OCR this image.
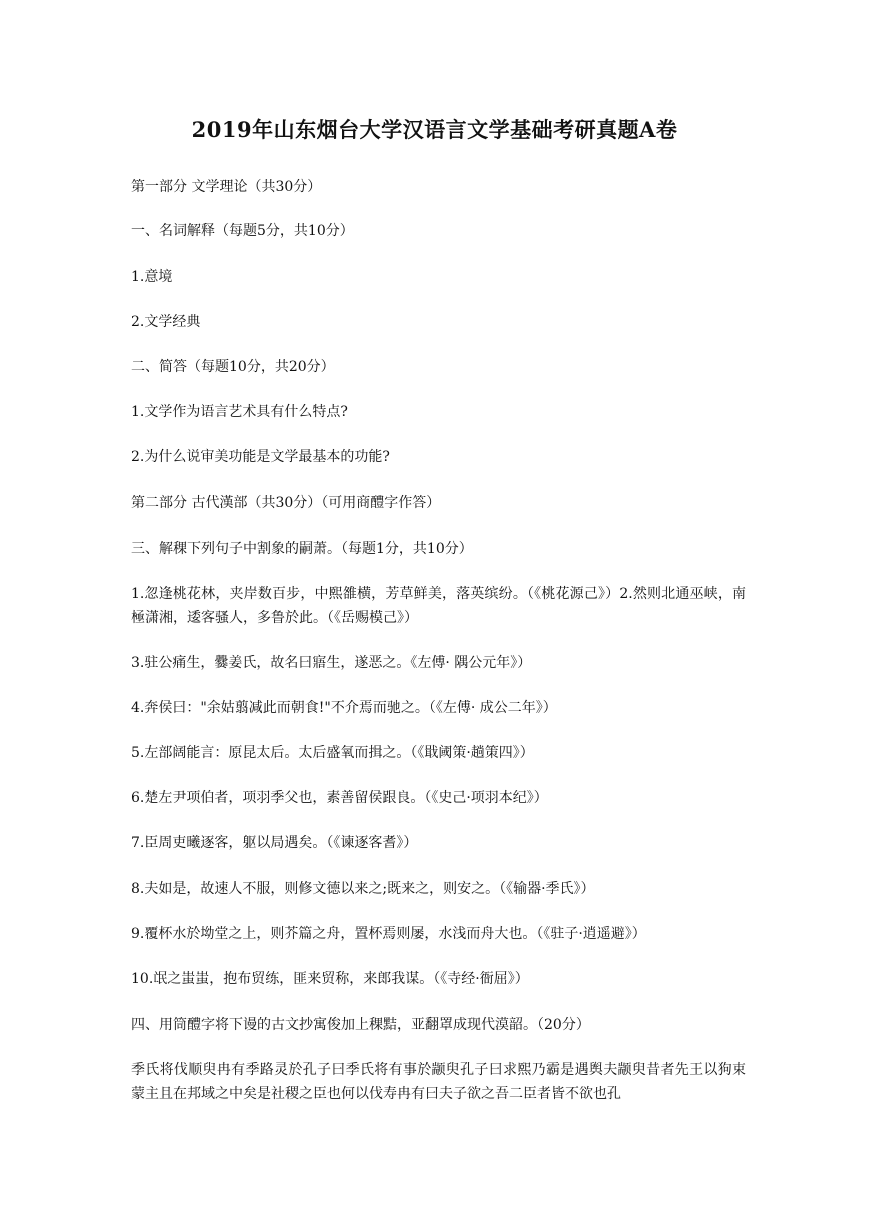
2019年山东烟台大学汉语言文学基础考研真题A卷

第一部分 文学理论（共30分）

一、名词解释（每题5分，共10分）

1.意境

2.文学经典

二、简答（每题10分，共20分）

1.文学作为语言艺术具有什么特点?

2.为什么说审美功能是文学最基本的功能?

第二部分 古代漢部（共30分）（可用商醴字作答）

三、解稞下列句子中割象的嗣萧。（每题1分，共10分）

1.忽逢桃花林，夹岸数百步，中熙雒横，芳草鲜美，落英缤纷。（《桃花源己》）2.然则北通巫峡，南極潇湘，逶客骚人，多鲁於此。（《岳赐模己》）

3.驻公痛生，爨姜氏，故名曰寤生，遂恶之。《左傅· 隅公元年》）

4.奔侯曰："余姑翦减此而朝食!"不介焉而驰之。（《左傅· 成公二年》）

5.左部阔能言：原昆太后。太后盛氧而揖之。（《戢阈策·趟策四》）

6.楚左尹项伯者，项羽季父也，素善留侯跟良。（《史己·项羽本纪》）

7.臣周吏曦逐客，躯以局遇矣。（《谏逐客耆》）

8.夫如是，故速人不服，则修文德以来之;既来之，则安之。（《输器·季氏》）

9.覆杯水於坳堂之上，则芥篇之舟，置杯焉则屡，水浅而舟大也。（《驻子·逍遥避》）

10.氓之蚩蚩，抱布贸练，匪来贸称，来郎我谋。（《寺经·衙屈》）

四、用筒醴字将下谩的古文抄寓俊加上稞黠，亚翻罩成现代漠韶。（20分）

季氏将伐顺臾冉有季路灵於孔子曰季氏将有事於颛臾孔子曰求熙乃霸是遇舆夫颛臾昔者先王以狗束蒙主且在邦域之中矣是社稷之臣也何以伐寿冉有曰夫子欲之吾二臣者皆不欲也孔
